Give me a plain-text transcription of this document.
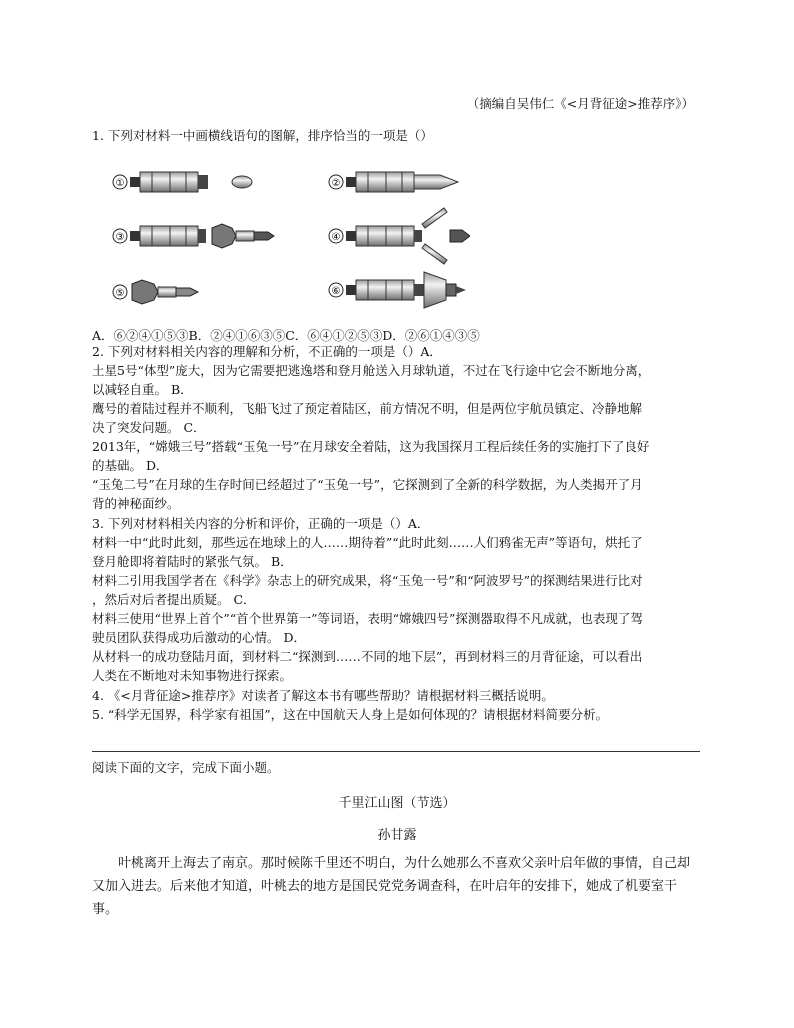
（摘编自吴伟仁《<月背征途>推荐序》）
1. 下列对材料一中画横线语句的图解，排序恰当的一项是（）
①	②
③	④
⑤	⑥
A．⑥②④①⑤③B．②④①⑥③⑤C．⑥④①②⑤③D．②⑥①④③⑤
2. 下列对材料相关内容的理解和分析，不正确的一项是（）A．
土星5号“体型”庞大，因为它需要把逃逸塔和登月舱送入月球轨道，不过在飞行途中它会不断地分离，
以减轻自重。 B．
鹰号的着陆过程并不顺利，飞船飞过了预定着陆区，前方情况不明，但是两位宇航员镇定、冷静地解
决了突发问题。 C．
2013年，“嫦娥三号”搭载“玉兔一号”在月球安全着陆，这为我国探月工程后续任务的实施打下了良好
的基础。 D．
“玉兔二号”在月球的生存时间已经超过了“玉兔一号”，它探测到了全新的科学数据，为人类揭开了月
背的神秘面纱。
3. 下列对材料相关内容的分析和评价，正确的一项是（）A．
材料一中“此时此刻，那些远在地球上的人……期待着”“此时此刻……人们鸦雀无声”等语句，烘托了
登月舱即将着陆时的紧张气氛。 B．
材料二引用我国学者在《科学》杂志上的研究成果，将“玉兔一号”和“阿波罗号”的探测结果进行比对
，然后对后者提出质疑。 C．
材料三使用“世界上首个”“首个世界第一”等词语，表明“嫦娥四号”探测器取得不凡成就，也表现了驾
驶员团队获得成功后激动的心情。 D．
从材料一的成功登陆月面，到材料二“探测到……不同的地下层”，再到材料三的月背征途，可以看出
人类在不断地对未知事物进行探索。
4. 《<月背征途>推荐序》对读者了解这本书有哪些帮助？请根据材料三概括说明。
5. “科学无国界，科学家有祖国”，这在中国航天人身上是如何体现的？请根据材料简要分析。
阅读下面的文字，完成下面小题。
千里江山图（节选）
孙甘露
叶桃离开上海去了南京。那时候陈千里还不明白，为什么她那么不喜欢父亲叶启年做的事情，自己却又加入进去。后来他才知道，叶桃去的地方是国民党党务调查科，在叶启年的安排下，她成了机要室干事。
